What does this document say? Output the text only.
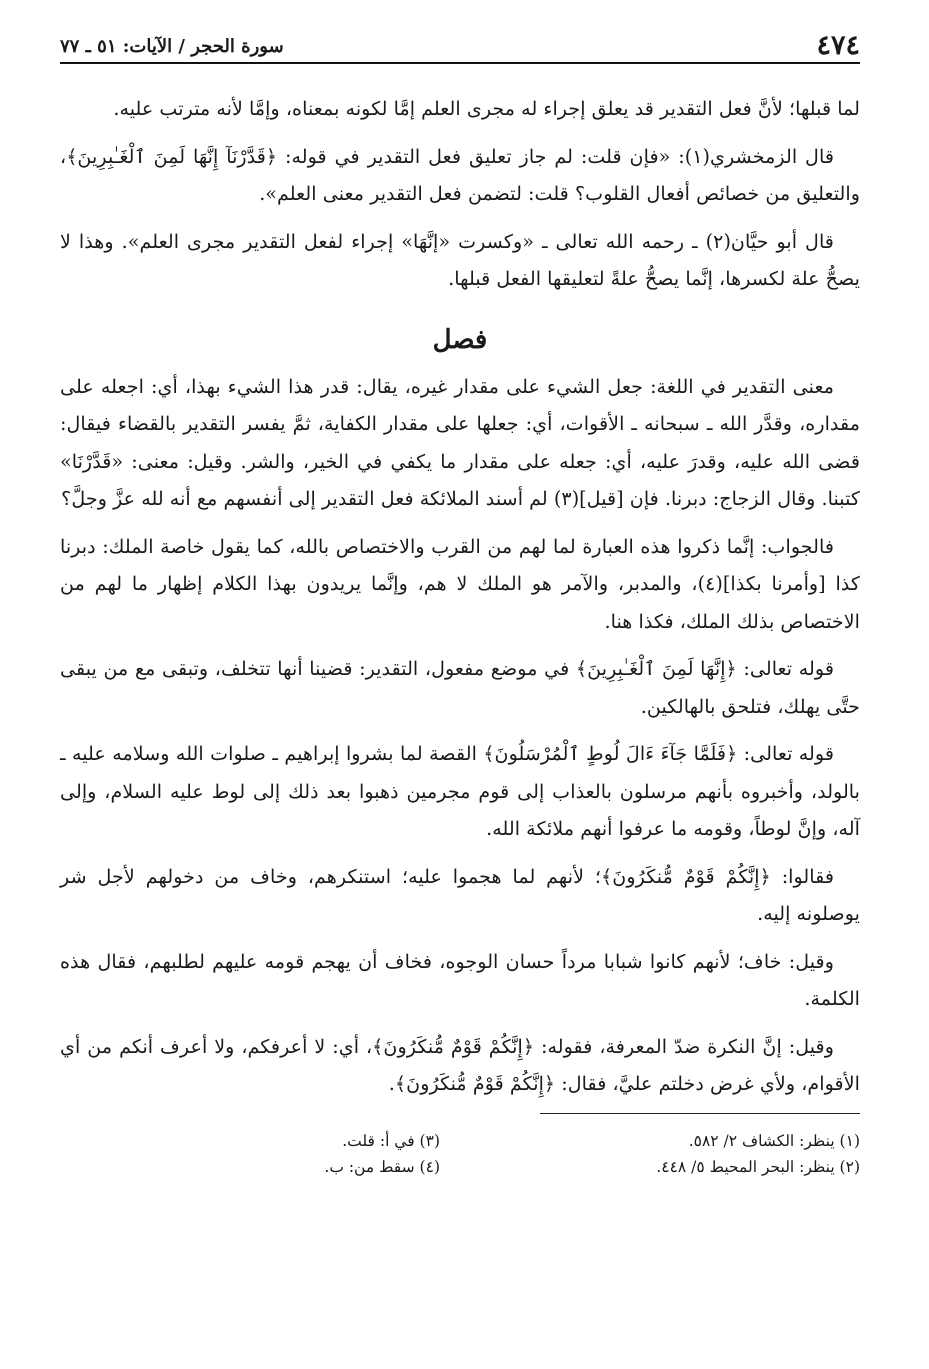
٤٧٤
سورة الحجر / الآيات: ٥١ ـ ٧٧

لما قبلها؛ لأنَّ فعل التقدير قد يعلق إجراء له مجرى العلم إمَّا لكونه بمعناه، وإمَّا لأنه مترتب عليه.

قال الزمخشري(١): «فإن قلت: لم جاز تعليق فعل التقدير في قوله: ﴿قَدَّرْنَآ إِنَّهَا لَمِنَ ٱلْغَـٰبِرِينَ﴾، والتعليق من خصائص أفعال القلوب؟ قلت: لتضمن فعل التقدير معنى العلم».

قال أبو حيَّان(٢) ـ رحمه الله تعالى ـ «وكسرت «إنَّهَا» إجراء لفعل التقدير مجرى العلم». وهذا لا يصحُّ علة لكسرها، إنَّما يصحُّ علةً لتعليقها الفعل قبلها.

فصل

معنى التقدير في اللغة: جعل الشيء على مقدار غيره، يقال: قدر هذا الشيء بهذا، أي: اجعله على مقداره، وقدَّر الله ـ سبحانه ـ الأقوات، أي: جعلها على مقدار الكفاية، ثمَّ يفسر التقدير بالقضاء فيقال: قضى الله عليه، وقدرَ عليه، أي: جعله على مقدار ما يكفي في الخير، والشر. وقيل: معنى: «قَدَّرْنَا» كتبنا. وقال الزجاج: دبرنا. فإن [قيل](٣) لم أسند الملائكة فعل التقدير إلى أنفسهم مع أنه لله عزَّ وجلَّ؟

فالجواب: إنَّما ذكروا هذه العبارة لما لهم من القرب والاختصاص بالله، كما يقول خاصة الملك: دبرنا كذا [وأمرنا بكذا](٤)، والمدبر، والآمر هو الملك لا هم، وإنَّما يريدون بهذا الكلام إظهار ما لهم من الاختصاص بذلك الملك، فكذا هنا.

قوله تعالى: ﴿إِنَّهَا لَمِنَ ٱلْغَـٰبِرِينَ﴾ في موضع مفعول، التقدير: قضينا أنها تتخلف، وتبقى مع من يبقى حتَّى يهلك، فتلحق بالهالكين.

قوله تعالى: ﴿فَلَمَّا جَآءَ ءَالَ لُوطٍ ٱلْمُرْسَلُونَ﴾ القصة لما بشروا إبراهيم ـ صلوات الله وسلامه عليه ـ بالولد، وأخبروه بأنهم مرسلون بالعذاب إلى قوم مجرمين ذهبوا بعد ذلك إلى لوط عليه السلام، وإلى آله، وإنَّ لوطاً، وقومه ما عرفوا أنهم ملائكة الله.

فقالوا: ﴿إِنَّكُمْ قَوْمٌ مُّنكَرُونَ﴾؛ لأنهم لما هجموا عليه؛ استنكرهم، وخاف من دخولهم لأجل شر يوصلونه إليه.

وقيل: خاف؛ لأنهم كانوا شبابا مرداً حسان الوجوه، فخاف أن يهجم قومه عليهم لطلبهم، فقال هذه الكلمة.

وقيل: إنَّ النكرة ضدّ المعرفة، فقوله: ﴿إِنَّكُمْ قَوْمٌ مُّنكَرُونَ﴾، أي: لا أعرفكم، ولا أعرف أنكم من أي الأقوام، ولأي غرض دخلتم عليَّ، فقال: ﴿إِنَّكُمْ قَوْمٌ مُّنكَرُونَ﴾.

(١) ينظر: الكشاف ٢/ ٥٨٢.
(٣) في أ: قلت.
(٢) ينظر: البحر المحيط ٥/ ٤٤٨.
(٤) سقط من: ب.
